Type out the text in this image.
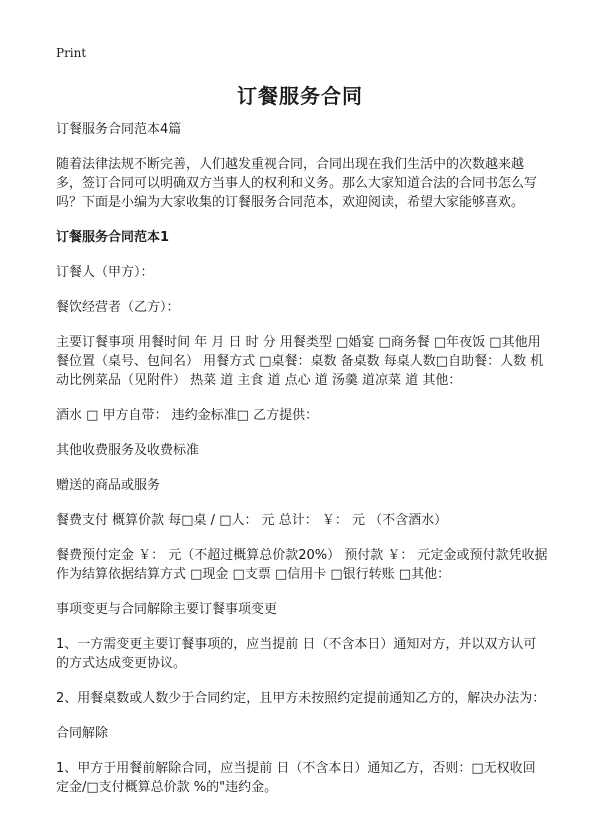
Print
订餐服务合同

订餐服务合同范本4篇

随着法律法规不断完善，人们越发重视合同，合同出现在我们生活中的次数越来越多，签订合同可以明确双方当事人的权利和义务。那么大家知道合法的合同书怎么写吗？下面是小编为大家收集的订餐服务合同范本，欢迎阅读，希望大家能够喜欢。

订餐服务合同范本1

订餐人（甲方）：

餐饮经营者（乙方）：

主要订餐事项 用餐时间 年 月 日 时 分 用餐类型 □婚宴 □商务餐 □年夜饭 □其他用餐位置（桌号、包间名） 用餐方式 □桌餐：桌数 备桌数 每桌人数□自助餐：人数 机动比例菜品（见附件） 热菜 道 主食 道 点心 道 汤羹 道凉菜 道 其他：

酒水 □ 甲方自带： 违约金标准□ 乙方提供：

其他收费服务及收费标准

赠送的商品或服务

餐费支付 概算价款 每□桌 / □人： 元 总计： ￥： 元 （不含酒水）

餐费预付定金 ￥： 元（不超过概算总价款20%） 预付款 ￥： 元定金或预付款凭收据作为结算依据结算方式 □现金 □支票 □信用卡 □银行转账 □其他：

事项变更与合同解除主要订餐事项变更

1、一方需变更主要订餐事项的，应当提前 日（不含本日）通知对方，并以双方认可的方式达成变更协议。

2、用餐桌数或人数少于合同约定，且甲方未按照约定提前通知乙方的，解决办法为：

合同解除

1、甲方于用餐前解除合同，应当提前 日（不含本日）通知乙方，否则：□无权收回定金/□支付概算总价款 %的"违约金。
